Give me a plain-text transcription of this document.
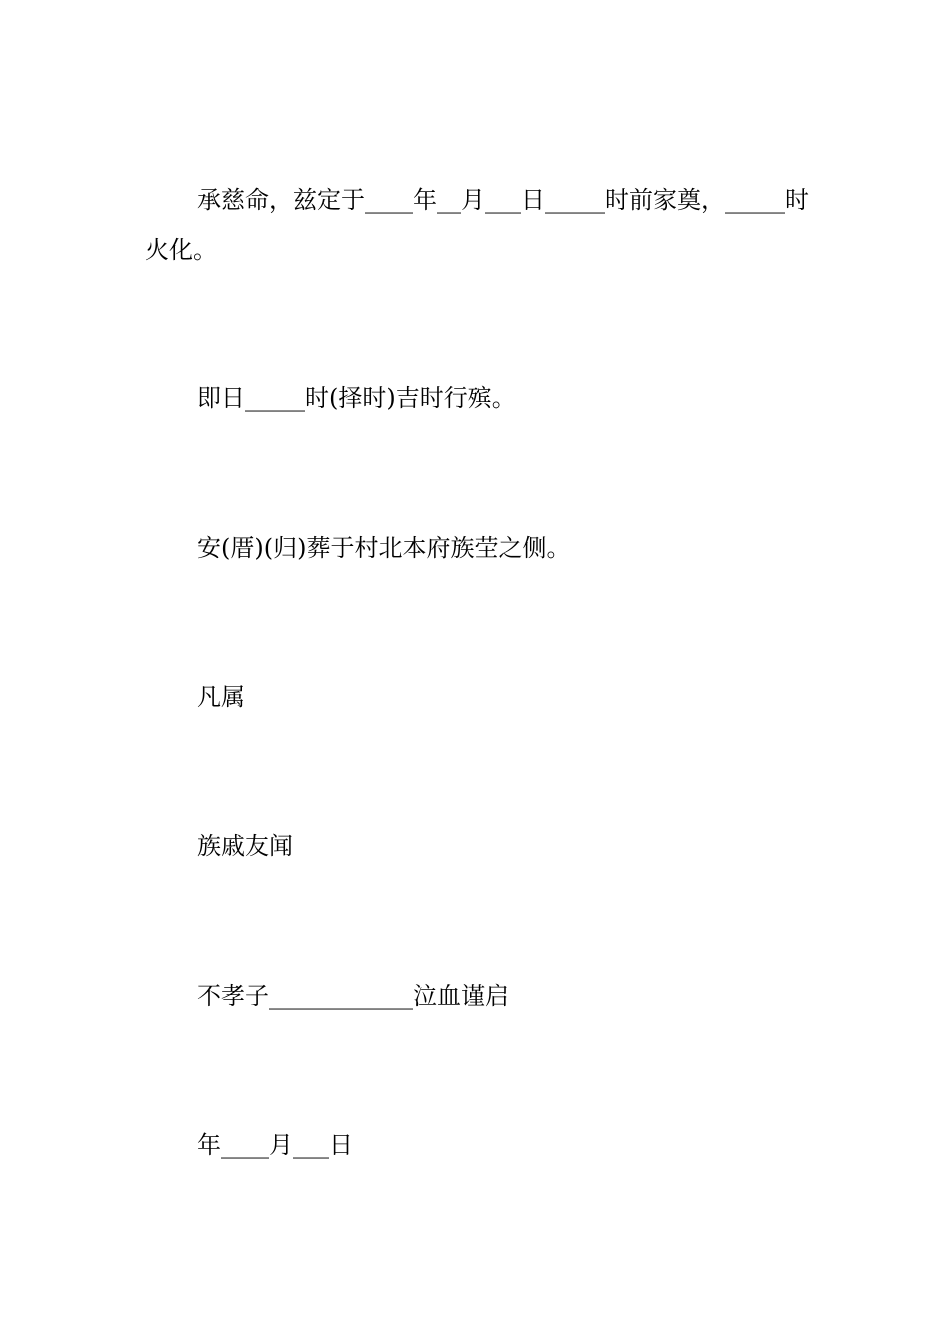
承慈命，兹定于____年__月___日_____时前家奠，_____时火化。
即日_____时(择时)吉时行殡。
安(厝)(归)葬于村北本府族茔之侧。
凡属
族戚友闻
不孝子____________泣血谨启
年____月___日
